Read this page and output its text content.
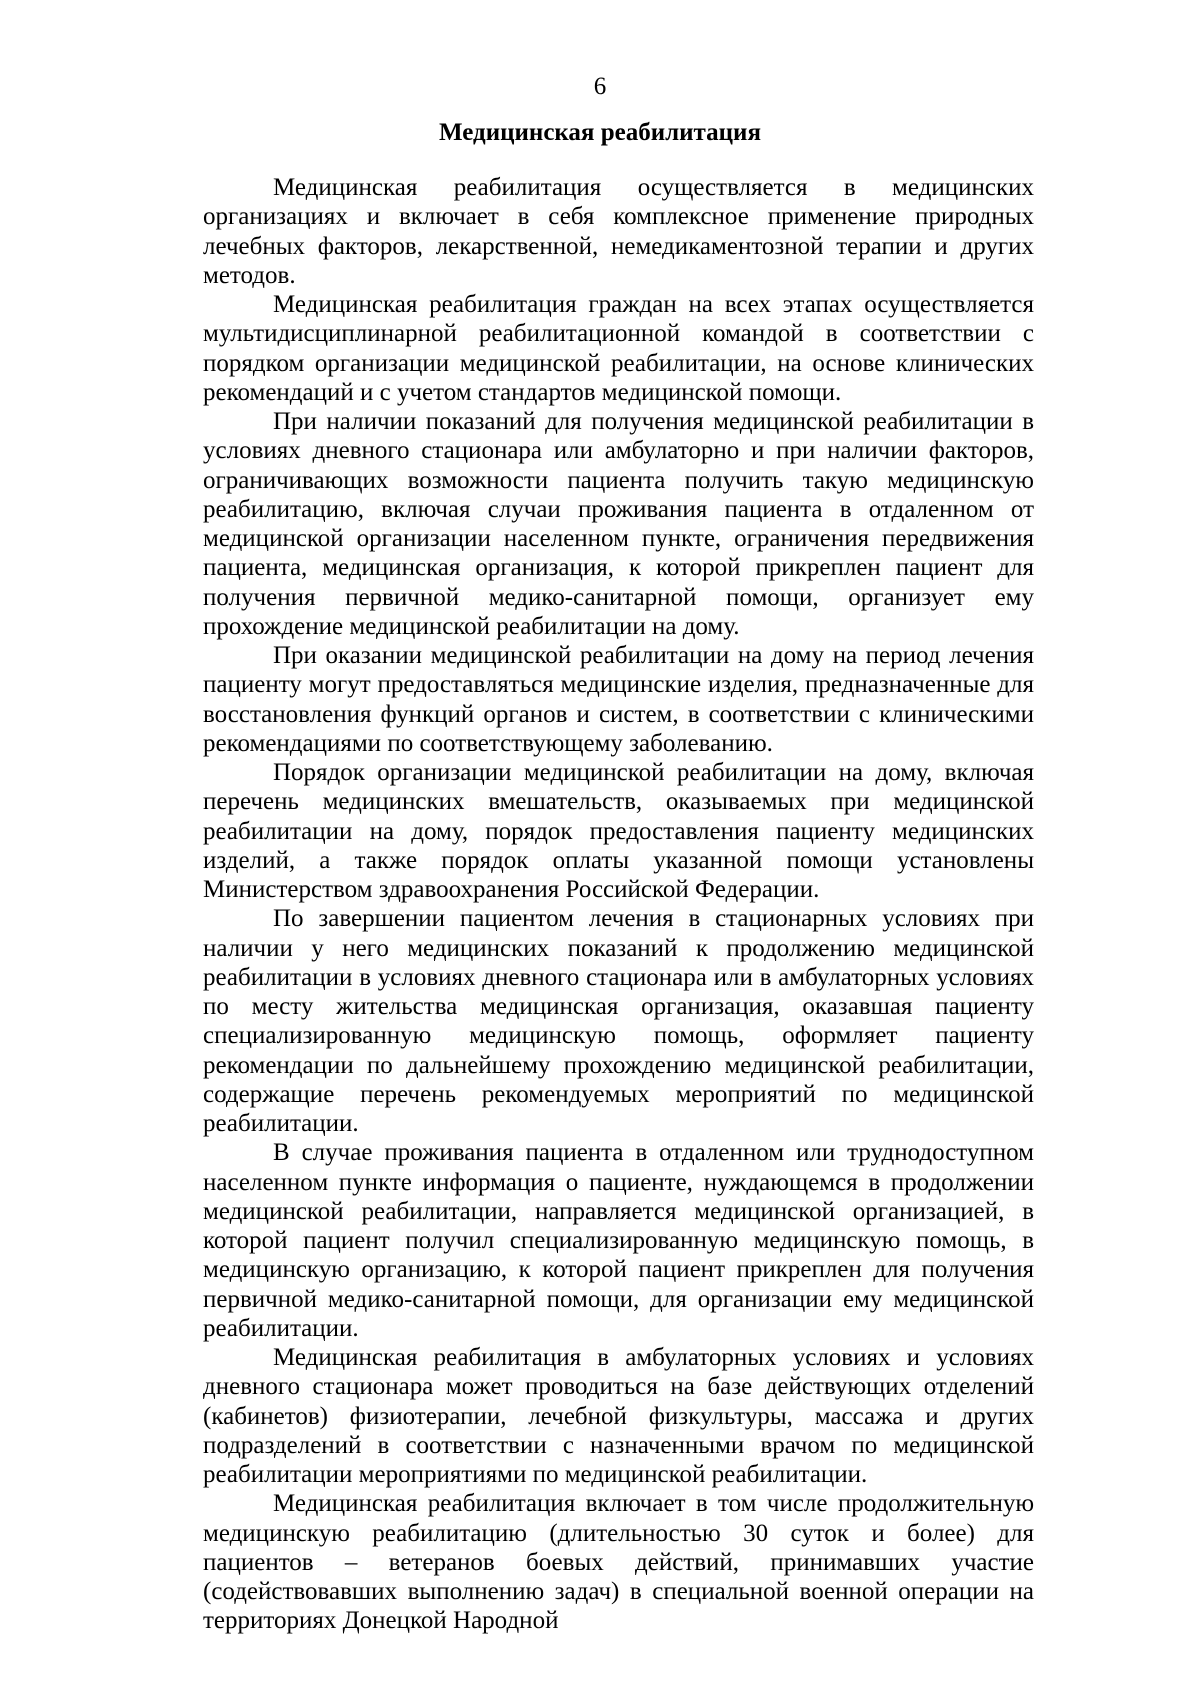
6
Медицинская реабилитация

Медицинская реабилитация осуществляется в медицинских организациях и включает в себя комплексное применение природных лечебных факторов, лекарственной, немедикаментозной терапии и других методов.

Медицинская реабилитация граждан на всех этапах осуществляется мультидисциплинарной реабилитационной командой в соответствии с порядком организации медицинской реабилитации, на основе клинических рекомендаций и с учетом стандартов медицинской помощи.

При наличии показаний для получения медицинской реабилитации в условиях дневного стационара или амбулаторно и при наличии факторов, ограничивающих возможности пациента получить такую медицинскую реабилитацию, включая случаи проживания пациента в отдаленном от медицинской организации населенном пункте, ограничения передвижения пациента, медицинская организация, к которой прикреплен пациент для получения первичной медико-санитарной помощи, организует ему прохождение медицинской реабилитации на дому.

При оказании медицинской реабилитации на дому на период лечения пациенту могут предоставляться медицинские изделия, предназначенные для восстановления функций органов и систем, в соответствии с клиническими рекомендациями по соответствующему заболеванию.

Порядок организации медицинской реабилитации на дому, включая перечень медицинских вмешательств, оказываемых при медицинской реабилитации на дому, порядок предоставления пациенту медицинских изделий, а также порядок оплаты указанной помощи установлены Министерством здравоохранения Российской Федерации.

По завершении пациентом лечения в стационарных условиях при наличии у него медицинских показаний к продолжению медицинской реабилитации в условиях дневного стационара или в амбулаторных условиях по месту жительства медицинская организация, оказавшая пациенту специализированную медицинскую помощь, оформляет пациенту рекомендации по дальнейшему прохождению медицинской реабилитации, содержащие перечень рекомендуемых мероприятий по медицинской реабилитации.

В случае проживания пациента в отдаленном или труднодоступном населенном пункте информация о пациенте, нуждающемся в продолжении медицинской реабилитации, направляется медицинской организацией, в которой пациент получил специализированную медицинскую помощь, в медицинскую организацию, к которой пациент прикреплен для получения первичной медико-санитарной помощи, для организации ему медицинской реабилитации.

Медицинская реабилитация в амбулаторных условиях и условиях дневного стационара может проводиться на базе действующих отделений (кабинетов) физиотерапии, лечебной физкультуры, массажа и других подразделений в соответствии с назначенными врачом по медицинской реабилитации мероприятиями по медицинской реабилитации.

Медицинская реабилитация включает в том числе продолжительную медицинскую реабилитацию (длительностью 30 суток и более) для пациентов – ветеранов боевых действий, принимавших участие (содействовавших выполнению задач) в специальной военной операции на территориях Донецкой Народной
